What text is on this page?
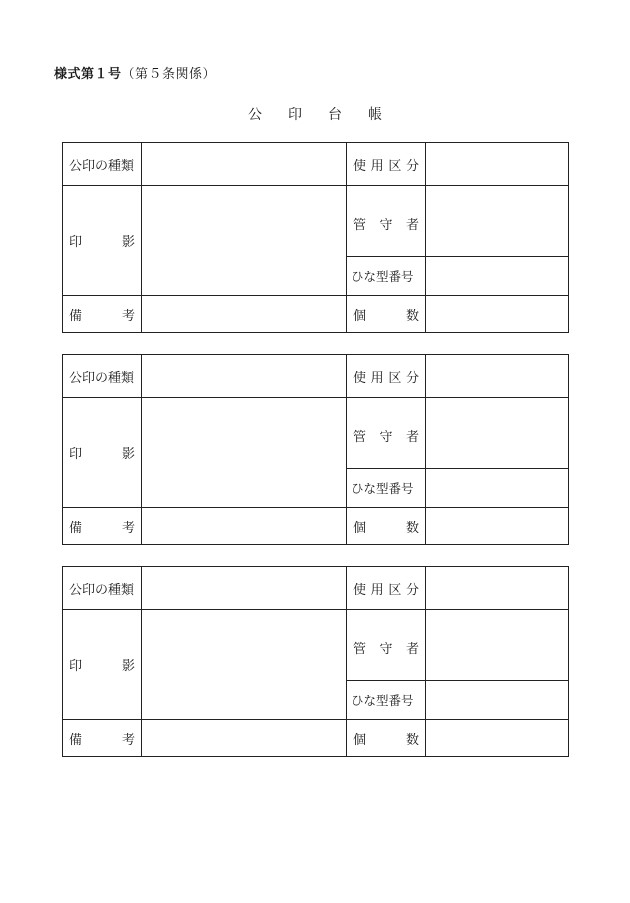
様式第１号（第５条関係）
公印台帳
公印の種類		使 用 区 分	

印 影		管 守 者	

		ひな型番号	

備 考		個 数	

公印の種類		使 用 区 分	

印 影		管 守 者	

		ひな型番号	

備 考		個 数	

公印の種類		使 用 区 分	

印 影		管 守 者	

		ひな型番号	

備 考		個 数	
